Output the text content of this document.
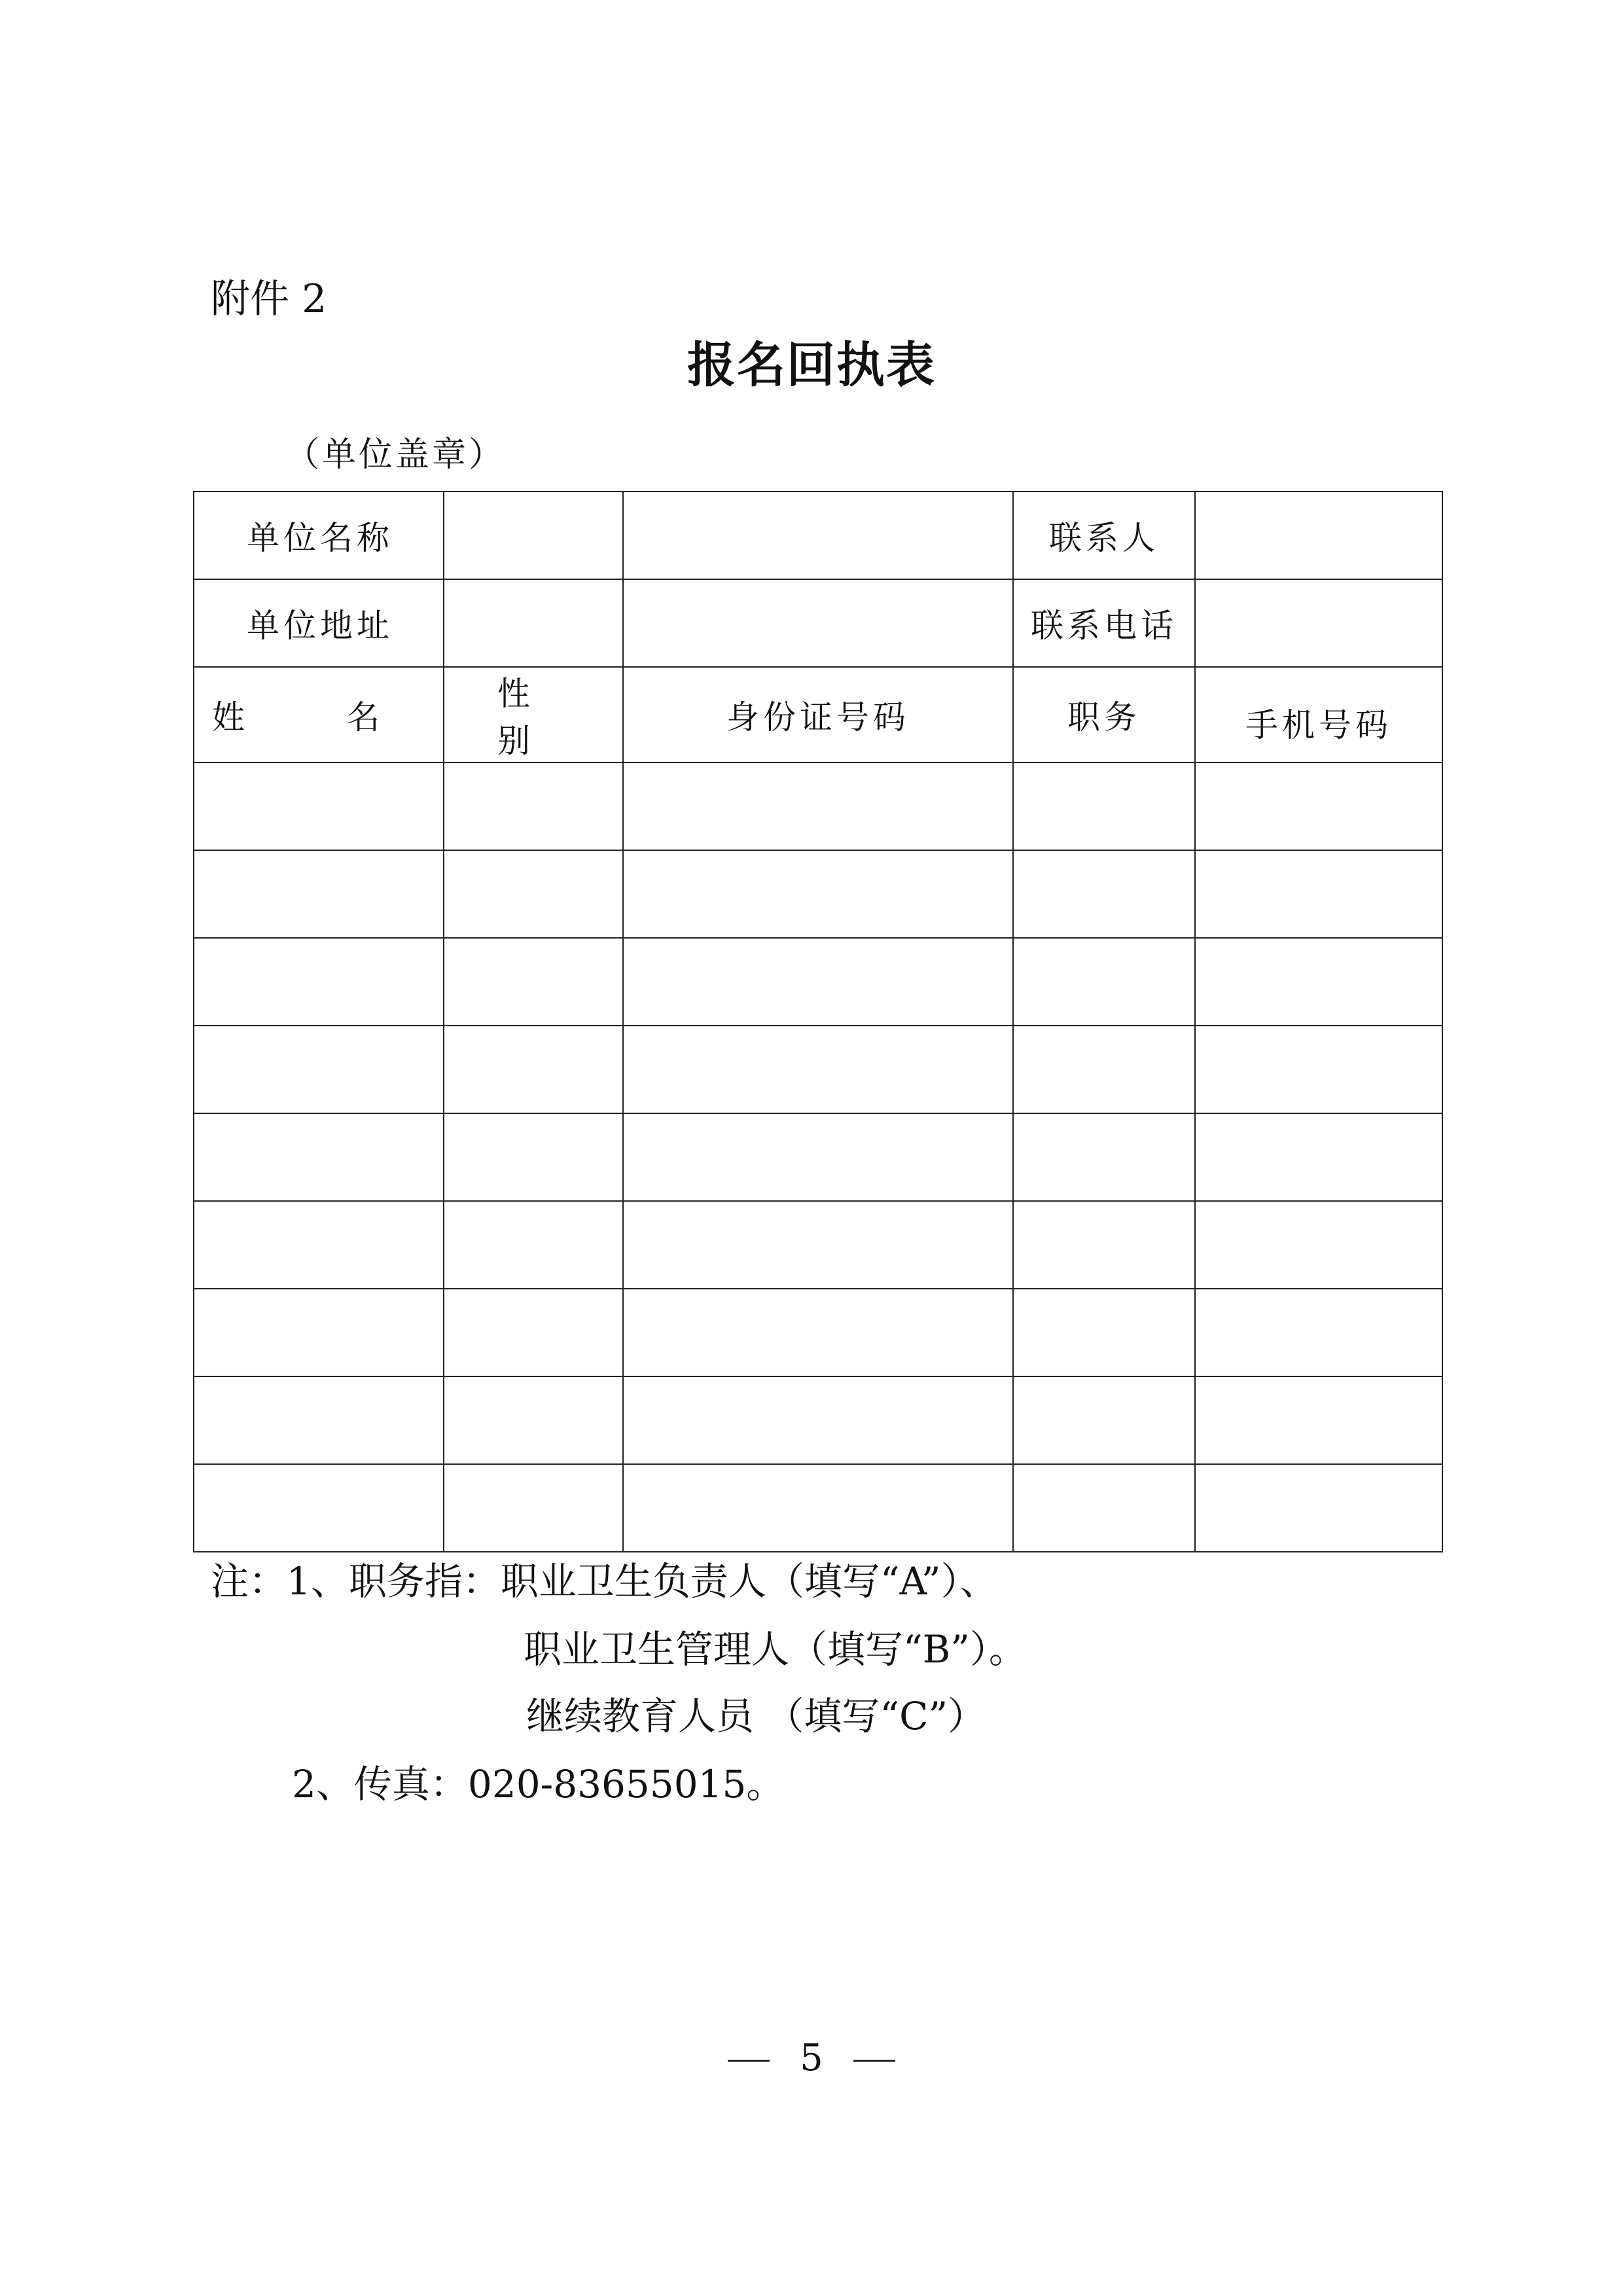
附件 2
报名回执表
（单位盖章）
单位名称			联系人	
单位地址			联系电话	
姓 名	性 别	身份证号码	职务	手机号码

注：1、职务指：职业卫生负责人（填写“A”）、
职业卫生管理人（填写“B”）。
继续教育人员 （填写“C”）
2、传真：020-83655015。
5
